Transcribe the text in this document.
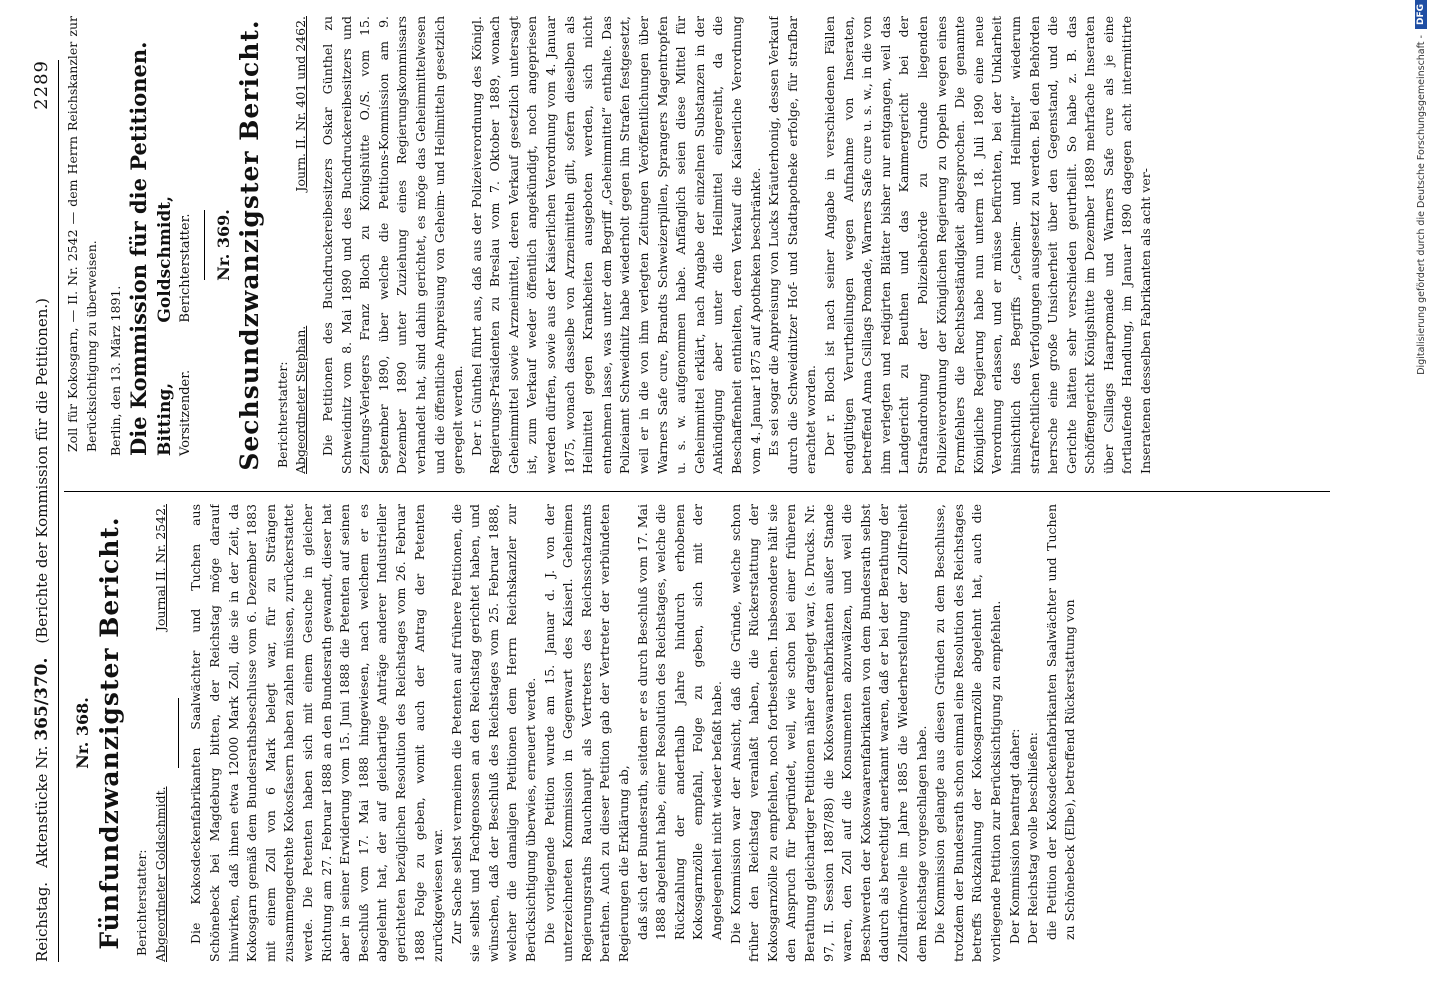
Reichstag.
Aktenstücke Nr. 365/370.
(Berichte der Kommission für die Petitionen.)
2289

Nr. 368. Fünfundzwanzigster Bericht. Berichterstatter: Abgeordneter Goldschmidt.
Journal II. Nr. 2542. Die Kokosdeckenfabrikanten Saalwächter und Tuchen aus Schönebeck bei Magdeburg bitten, der Reichstag möge darauf hinwirken, daß ihnen etwa 12000 Mark Zoll, die sie in der Zeit, da Kokosgarn gemäß dem Bundesrathsbeschlusse vom 6. Dezember 1883 mit einem Zoll von 6 Mark belegt war, für zu Strängen zusammengedrehte Kokosfasern haben zahlen müssen, zurückerstattet werde. Die Petenten haben sich mit einem Gesuche in gleicher Richtung am 27. Februar 1888 an den Bundesrath gewandt, dieser hat aber in seiner Erwiderung vom 15. Juni 1888 die Petenten auf seinen Beschluß vom 17. Mai 1888 hingewiesen, nach welchem er es abgelehnt hat, der auf gleichartige Anträge anderer Industrieller gerichteten bezüglichen Resolution des Reichstages vom 26. Februar 1888 Folge zu geben, womit auch der Antrag der Petenten zurückgewiesen war. Zur Sache selbst vermeinen die Petenten auf frühere Petitionen, die sie selbst und Fachgenossen an den Reichstag gerichtet haben, und wünschen, daß der Beschluß des Reichstages vom 25. Februar 1888, welcher die damaligen Petitionen dem Herrn Reichskanzler zur Berücksichtigung überwies, erneuert werde. Die vorliegende Petition wurde am 15. Januar d. J. von der unterzeichneten Kommission in Gegenwart des Kaiserl. Geheimen Regierungsraths Rauchhaupt als Vertreters des Reichsschatzamts berathen. Auch zu dieser Petition gab der Vertreter der verbündeten Regierungen die Erklärung ab, daß sich der Bundesrath, seitdem er es durch Beschluß vom 17. Mai 1888 abgelehnt habe, einer Resolution des Reichstages, welche die Rückzahlung der anderthalb Jahre hindurch erhobenen Kokosgarnzölle empfahl, Folge zu geben, sich mit der Angelegenheit nicht wieder befaßt habe. Die Kommission war der Ansicht, daß die Gründe, welche schon früher den Reichstag veranlaßt haben, die Rückerstattung der Kokosgarnzölle zu empfehlen, noch fortbestehen. Insbesondere hält sie den Anspruch für begründet, weil, wie schon bei einer früheren Berathung gleichartiger Petitionen näher dargelegt war, (s. Drucks. Nr. 97, II. Session 1887/88) die Kokoswaarenfabrikanten außer Stande waren, den Zoll auf die Konsumenten abzuwälzen, und weil die Beschwerden der Kokoswaarenfabrikanten von dem Bundesrath selbst dadurch als berechtigt anerkannt waren, daß er bei der Berathung der Zolltarifnovelle im Jahre 1885 die Wiederherstellung der Zollfreiheit dem Reichstage vorgeschlagen habe. Die Kommission gelangte aus diesen Gründen zu dem Beschlusse, trotzdem der Bundesrath schon einmal eine Resolution des Reichstages betreffs Rückzahlung der Kokosgarnzölle abgelehnt hat, auch die vorliegende Petition zur Berücksichtigung zu empfehlen. Der Kommission beantragt daher: Der Reichstag wolle beschließen: die Petition der Kokosdeckenfabrikanten Saalwächter und Tuchen zu Schönebeck (Elbe), betreffend Rückerstattung von

Zoll für Kokosgarn, — II. Nr. 2542 — dem Herrn Reichskanzler zur Berücksichtigung zu überweisen. Berlin, den 13. März 1891. Die Kommission für die Petitionen. Bitting, Vorsitzender.
Goldschmidt, Berichterstatter. Nr. 369. Sechsundzwanzigster Bericht. Berichterstatter: Abgeordneter Stephan.
Journ. II. Nr. 401 und 2462. Die Petitionen des Buchdruckereibesitzers Oskar Günthel zu Schweidnitz vom 8. Mai 1890 und des Buchdruckereibesitzers und Zeitungs-Verlegers Franz Bloch zu Königshütte O./S. vom 15. September 1890, über welche die Petitions-Kommission am 9. Dezember 1890 unter Zuziehung eines Regierungskommissars verhandelt hat, sind dahin gerichtet, es möge das Geheimmittelwesen und die öffentliche Anpreisung von Geheim- und Heilmitteln gesetzlich geregelt werden. Der r. Günthel führt aus, daß aus der Polizeiverordnung des Königl. Regierungs-Präsidenten zu Breslau vom 7. Oktober 1889, wonach Geheimmittel sowie Arzneimittel, deren Verkauf gesetzlich untersagt ist, zum Verkauf weder öffentlich angekündigt, noch angepriesen werden dürfen, sowie aus der Kaiserlichen Verordnung vom 4. Januar 1875, wonach dasselbe von Arzneimitteln gilt, sofern dieselben als Heilmittel gegen Krankheiten ausgeboten werden, sich nicht entnehmen lasse, was unter dem Begriff „Geheimmittel“ enthalte. Das Polizeiamt Schweidnitz habe wiederholt gegen ihn Strafen festgesetzt, weil er in die von ihm verlegten Zeitungen Veröffentlichungen über Warners Safe cure, Brandts Schweizerpillen, Sprangers Magentropfen u. s. w. aufgenommen habe. Anfänglich seien diese Mittel für Geheimmittel erklärt, nach Angabe der einzelnen Substanzen in der Ankündigung aber unter die Heilmittel eingereiht, da die Beschaffenheit enthielten, deren Verkauf die Kaiserliche Verordnung vom 4. Januar 1875 auf Apotheken beschränkte. Es sei sogar die Anpreisung von Lucks Kräuterhonig, dessen Verkauf durch die Schweidnitzer Hof- und Stadtapotheke erfolge, für strafbar erachtet worden. Der r. Bloch ist nach seiner Angabe in verschiedenen Fällen endgültigen Verurtheilungen wegen Aufnahme von Inseraten, betreffend Anna Csillags Pomade, Warners Safe cure u. s. w., in die von ihm verlegten und redigirten Blätter bisher nur entgangen, weil das Landgericht zu Beuthen und das Kammergericht bei der Strafandrohung der Polizeibehörde zu Grunde liegenden Polizeiverordnung der Königlichen Regierung zu Oppeln wegen eines Formfehlers die Rechtsbeständigkeit abgesprochen. Die genannte Königliche Regierung habe nun unterm 18. Juli 1890 eine neue Verordnung erlassen, und er müsse befürchten, bei der Unklarheit hinsichtlich des Begriffs „Geheim- und Heilmittel“ wiederum strafrechtlichen Verfolgungen ausgesetzt zu werden. Bei den Behörden herrsche eine große Unsicherheit über den Gegenstand, und die Gerichte hätten sehr verschieden geurtheilt. So habe z. B. das Schöffengericht Königshütte im Dezember 1889 mehrfache Inseraten über Csillags Haarpomade und Warners Safe cure als je eine fortlaufende Handlung, im Januar 1890 dagegen acht intermittirte Inseratenen desselben Fabrikanten als acht ver-	Digitalisierung gefördert durch die Deutsche Forschungsgemeinschaft -
DFG
